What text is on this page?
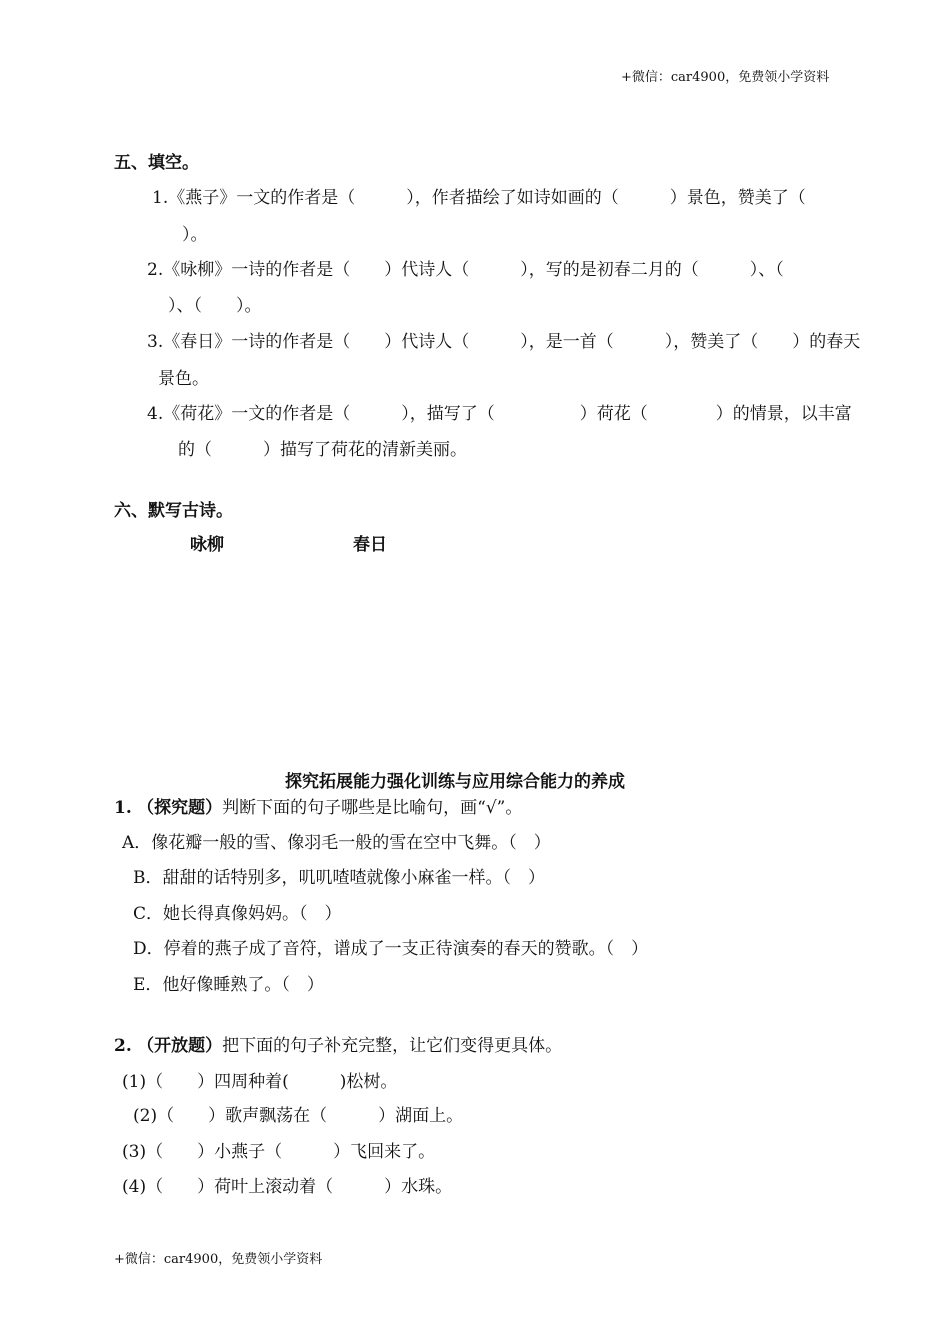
+微信：car4900，免费领小学资料
五、填空。
1.《燕子》一文的作者是（　　　），作者描绘了如诗如画的（　　　）景色，赞美了（
）。
2.《咏柳》一诗的作者是（　　）代诗人（　　　），写的是初春二月的（　　　）、（
）、（　　）。
3.《春日》一诗的作者是（　　）代诗人（　　　），是一首（　　　），赞美了（　　）的春天
景色。
4.《荷花》一文的作者是（　　　），描写了（　　　　　）荷花（　　　　）的情景，以丰富
的（　　　）描写了荷花的清新美丽。
六、默写古诗。
咏柳	春日
探究拓展能力强化训练与应用综合能力的养成
1. （探究题）判断下面的句子哪些是比喻句，画“√”。
A．像花瓣一般的雪、像羽毛一般的雪在空中飞舞。（　）
B．甜甜的话特别多，叽叽喳喳就像小麻雀一样。（　）
C．她长得真像妈妈。（　）
D．停着的燕子成了音符，谱成了一支正待演奏的春天的赞歌。（　）
E．他好像睡熟了。（　）
2. （开放题）把下面的句子补充完整，让它们变得更具体。
(1)（　　）四周种着(　　　)松树。
(2)（　　）歌声飘荡在（　　　）湖面上。
(3)（　　）小燕子（　　　）飞回来了。
(4)（　　）荷叶上滚动着（　　　）水珠。
+微信：car4900，免费领小学资料
